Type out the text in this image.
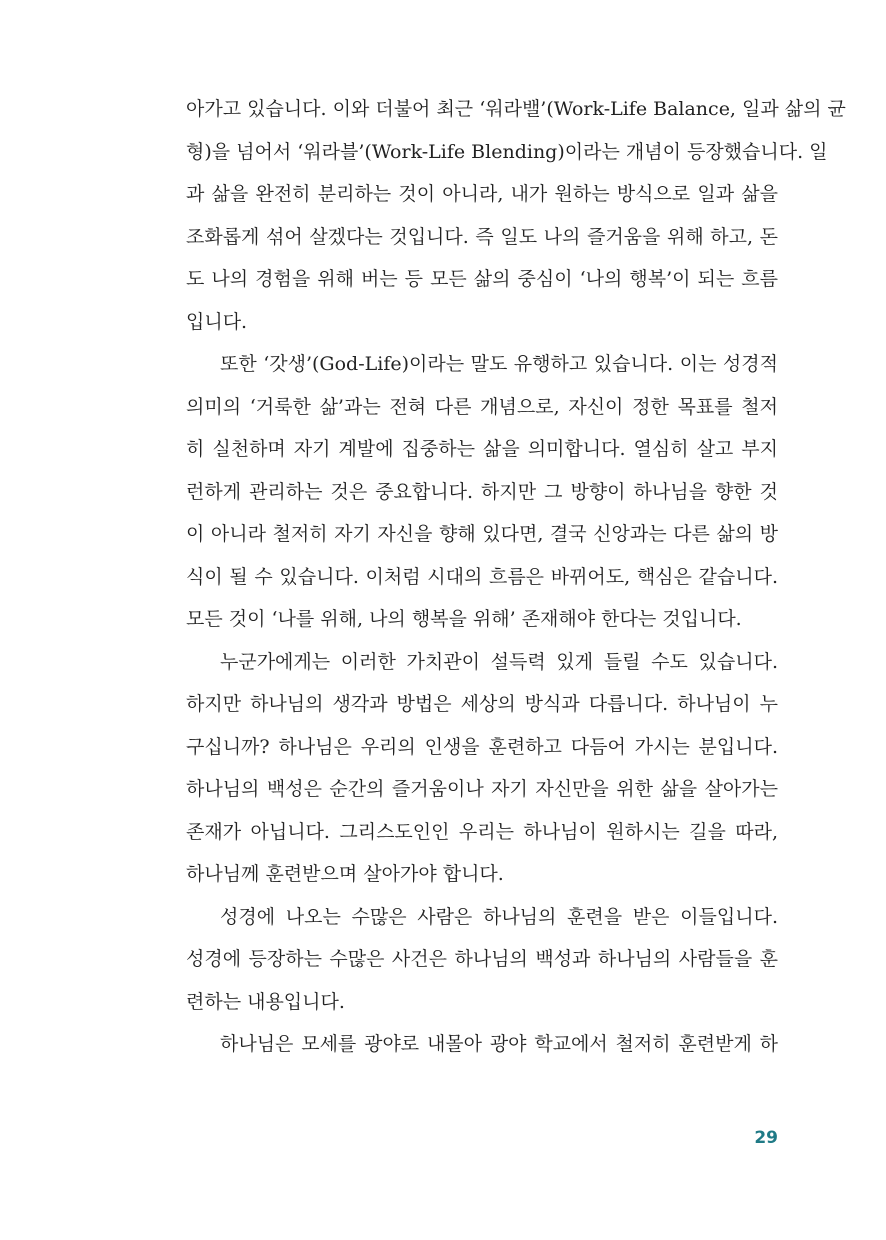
아가고 있습니다. 이와 더불어 최근 ‘워라밸’(Work-Life Balance, 일과 삶의 균
형)을 넘어서 ‘워라블’(Work-Life Blending)이라는 개념이 등장했습니다. 일
과 삶을 완전히 분리하는 것이 아니라, 내가 원하는 방식으로 일과 삶을
조화롭게 섞어 살겠다는 것입니다. 즉 일도 나의 즐거움을 위해 하고, 돈
도 나의 경험을 위해 버는 등 모든 삶의 중심이 ‘나의 행복’이 되는 흐름
입니다.
또한 ‘갓생’(God-Life)이라는 말도 유행하고 있습니다. 이는 성경적
의미의 ‘거룩한 삶’과는 전혀 다른 개념으로, 자신이 정한 목표를 철저
히 실천하며 자기 계발에 집중하는 삶을 의미합니다. 열심히 살고 부지
런하게 관리하는 것은 중요합니다. 하지만 그 방향이 하나님을 향한 것
이 아니라 철저히 자기 자신을 향해 있다면, 결국 신앙과는 다른 삶의 방
식이 될 수 있습니다. 이처럼 시대의 흐름은 바뀌어도, 핵심은 같습니다.
모든 것이 ‘나를 위해, 나의 행복을 위해’ 존재해야 한다는 것입니다.
누군가에게는 이러한 가치관이 설득력 있게 들릴 수도 있습니다.
하지만 하나님의 생각과 방법은 세상의 방식과 다릅니다. 하나님이 누
구십니까? 하나님은 우리의 인생을 훈련하고 다듬어 가시는 분입니다.
하나님의 백성은 순간의 즐거움이나 자기 자신만을 위한 삶을 살아가는
존재가 아닙니다. 그리스도인인 우리는 하나님이 원하시는 길을 따라,
하나님께 훈련받으며 살아가야 합니다.
성경에 나오는 수많은 사람은 하나님의 훈련을 받은 이들입니다.
성경에 등장하는 수많은 사건은 하나님의 백성과 하나님의 사람들을 훈
련하는 내용입니다.
하나님은 모세를 광야로 내몰아 광야 학교에서 철저히 훈련받게 하
29
